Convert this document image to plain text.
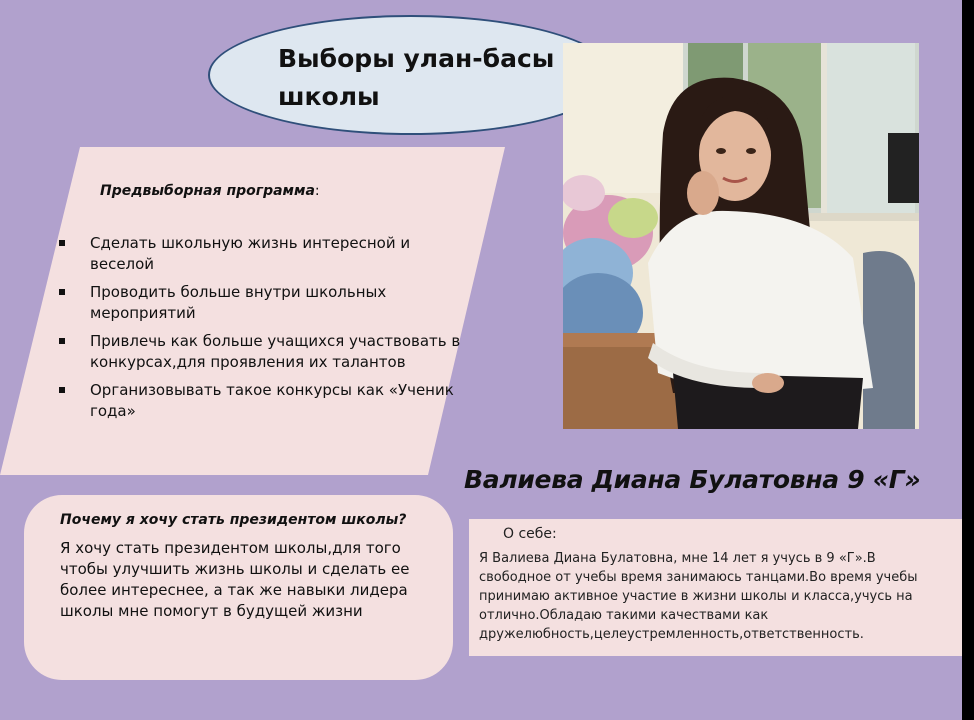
Выборы улан-басы
школы
Предвыборная программа:
Сделать школьную жизнь интересной и веселой
Проводить больше внутри школьных мероприятий
Привлечь как больше учащихся участвовать в конкурсах,для проявления их талантов
Организовывать такое конкурсы как «Ученик года»
Валиева Диана Булатовна 9 «Г»

Почему я хочу стать президентом школы?

Я хочу стать президентом школы,для того чтобы улучшить жизнь школы и сделать ее более интереснее, а так же навыки лидера школы мне помогут в будущей жизни

О себе:

Я Валиева Диана Булатовна, мне 14 лет я учусь в 9 «Г».В свободное от учебы время занимаюсь танцами.Во время учебы принимаю активное участие в жизни школы и класса,учусь на отлично.Обладаю такими качествами как дружелюбность,целеустремленность,ответственность.
